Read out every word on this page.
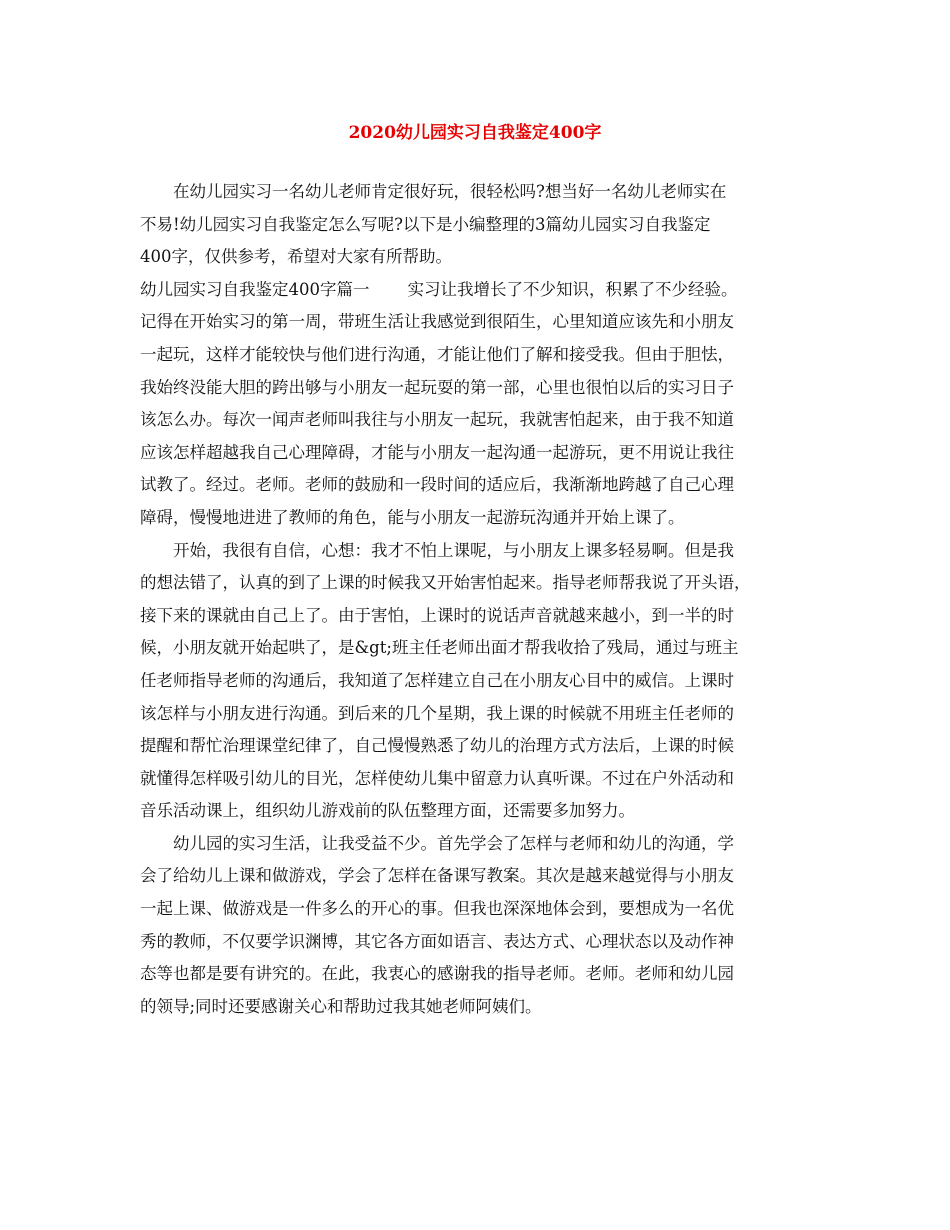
2020幼儿园实习自我鉴定400字
在幼儿园实习一名幼儿老师肯定很好玩，很轻松吗?想当好一名幼儿老师实在
不易!幼儿园实习自我鉴定怎么写呢?以下是小编整理的3篇幼儿园实习自我鉴定
400字，仅供参考，希望对大家有所帮助。
幼儿园实习自我鉴定400字篇一 实习让我增长了不少知识，积累了不少经验。
记得在开始实习的第一周，带班生活让我感觉到很陌生，心里知道应该先和小朋友
一起玩，这样才能较快与他们进行沟通，才能让他们了解和接受我。但由于胆怯，
我始终没能大胆的跨出够与小朋友一起玩耍的第一部，心里也很怕以后的实习日子
该怎么办。每次一闻声老师叫我往与小朋友一起玩，我就害怕起来，由于我不知道
应该怎样超越我自己心理障碍，才能与小朋友一起沟通一起游玩，更不用说让我往
试教了。经过。老师。老师的鼓励和一段时间的适应后，我渐渐地跨越了自己心理
障碍，慢慢地进进了教师的角色，能与小朋友一起游玩沟通并开始上课了。
开始，我很有自信，心想：我才不怕上课呢，与小朋友上课多轻易啊。但是我
的想法错了，认真的到了上课的时候我又开始害怕起来。指导老师帮我说了开头语，
接下来的课就由自己上了。由于害怕，上课时的说话声音就越来越小，到一半的时
候，小朋友就开始起哄了，是&gt;班主任老师出面才帮我收拾了残局，通过与班主
任老师指导老师的沟通后，我知道了怎样建立自己在小朋友心目中的威信。上课时
该怎样与小朋友进行沟通。到后来的几个星期，我上课的时候就不用班主任老师的
提醒和帮忙治理课堂纪律了，自己慢慢熟悉了幼儿的治理方式方法后，上课的时候
就懂得怎样吸引幼儿的目光，怎样使幼儿集中留意力认真听课。不过在户外活动和
音乐活动课上，组织幼儿游戏前的队伍整理方面，还需要多加努力。
幼儿园的实习生活，让我受益不少。首先学会了怎样与老师和幼儿的沟通，学
会了给幼儿上课和做游戏，学会了怎样在备课写教案。其次是越来越觉得与小朋友
一起上课、做游戏是一件多么的开心的事。但我也深深地体会到，要想成为一名优
秀的教师，不仅要学识渊博，其它各方面如语言、表达方式、心理状态以及动作神
态等也都是要有讲究的。在此，我衷心的感谢我的指导老师。老师。老师和幼儿园
的领导;同时还要感谢关心和帮助过我其她老师阿姨们。
